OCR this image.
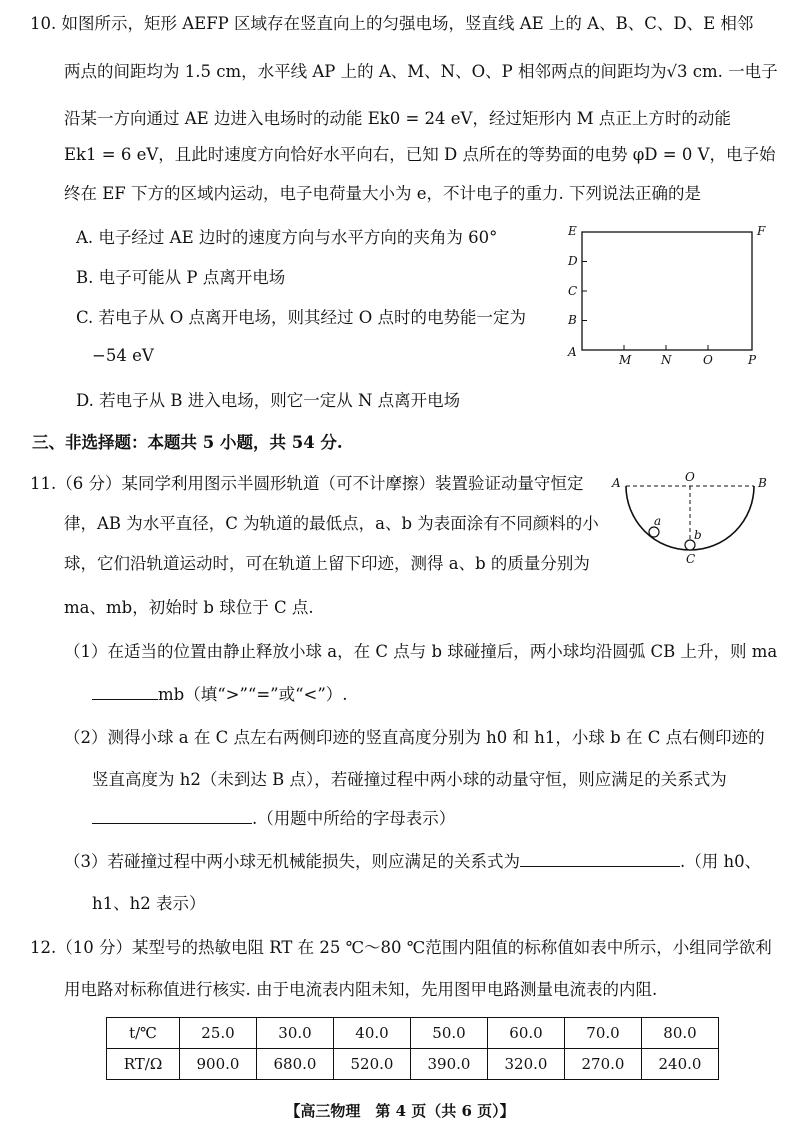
10. 如图所示，矩形 AEFP 区域存在竖直向上的匀强电场，竖直线 AE 上的 A、B、C、D、E 相邻
两点的间距均为 1.5 cm，水平线 AP 上的 A、M、N、O、P 相邻两点的间距均为√3 cm. 一电子
沿某一方向通过 AE 边进入电场时的动能 Ek0 = 24 eV，经过矩形内 M 点正上方时的动能
Ek1 = 6 eV，且此时速度方向恰好水平向右，已知 D 点所在的等势面的电势 φD = 0 V，电子始
终在 EF 下方的区域内运动，电子电荷量大小为 e，不计电子的重力. 下列说法正确的是
A. 电子经过 AE 边时的速度方向与水平方向的夹角为 60°
B. 电子可能从 P 点离开电场
C. 若电子从 O 点离开电场，则其经过 O 点时的电势能一定为
−54 eV
D. 若电子从 B 进入电场，则它一定从 N 点离开电场
E	F
D
C
B
A
M N	O	P
三、非选择题：本题共 5 小题，共 54 分.
11.（6 分）某同学利用图示半圆形轨道（可不计摩擦）装置验证动量守恒定
律，AB 为水平直径，C 为轨道的最低点，a、b 为表面涂有不同颜料的小
球，它们沿轨道运动时，可在轨道上留下印迹，测得 a、b 的质量分别为
ma、mb，初始时 b 球位于 C 点.
A	O	B
a
b
C
（1）在适当的位置由静止释放小球 a，在 C 点与 b 球碰撞后，两小球均沿圆弧 CB 上升，则 ma
mb（填“>”“=”或“<”）.
（2）测得小球 a 在 C 点左右两侧印迹的竖直高度分别为 h0 和 h1，小球 b 在 C 点右侧印迹的
竖直高度为 h2（未到达 B 点），若碰撞过程中两小球的动量守恒，则应满足的关系式为
.（用题中所给的字母表示）
（3）若碰撞过程中两小球无机械能损失，则应满足的关系式为	.（用 h0、
h1、h2 表示）
12.（10 分）某型号的热敏电阻 RT 在 25 ℃～80 ℃范围内阻值的标称值如表中所示，小组同学欲利
用电路对标称值进行核实. 由于电流表内阻未知，先用图甲电路测量电流表的内阻.
t/℃	25.0	30.0	40.0	50.0	60.0	70.0	80.0
RT/Ω	900.0	680.0	520.0	390.0	320.0	270.0	240.0
【高三物理　第 4 页（共 6 页）】
